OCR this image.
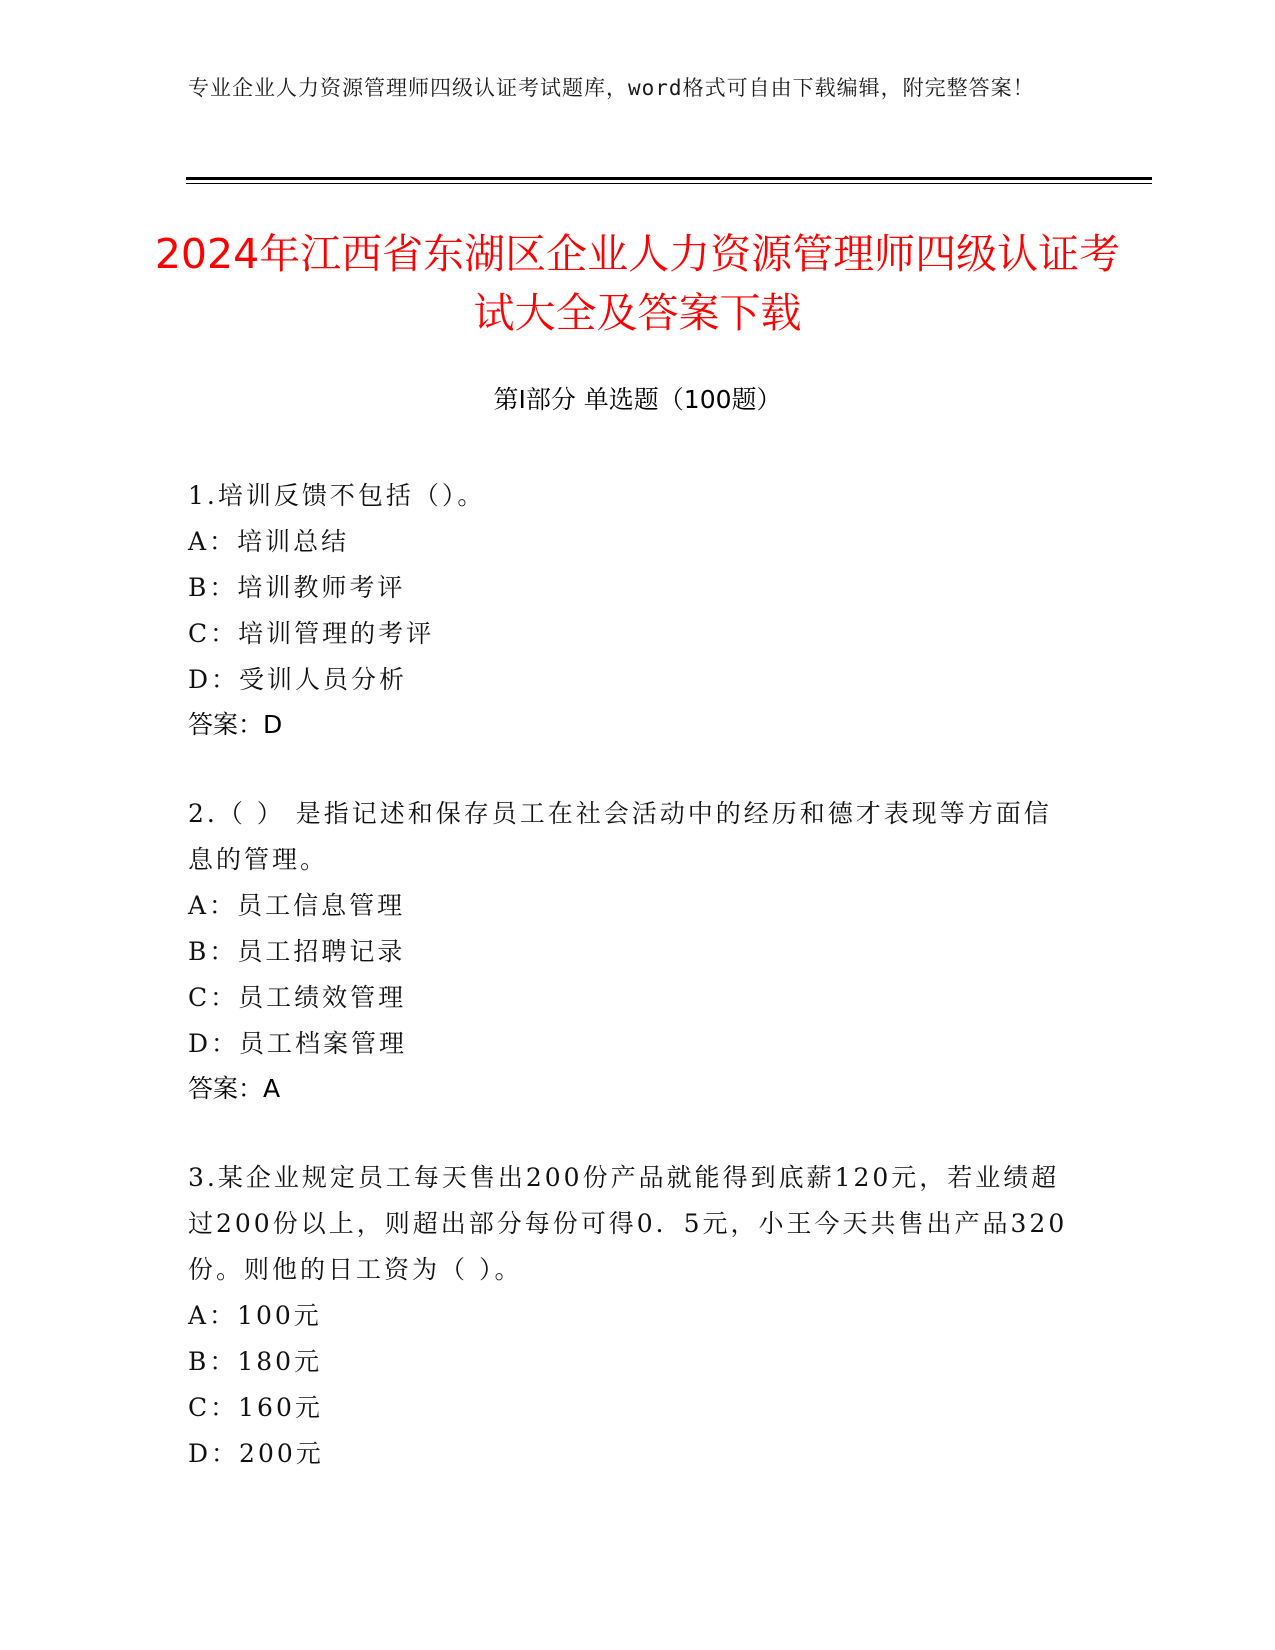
专业企业人力资源管理师四级认证考试题库，word格式可自由下载编辑，附完整答案！
2024年江西省东湖区企业人力资源管理师四级认证考试大全及答案下载
第Ⅰ部分 单选题（100题）

1.培训反馈不包括（）。

A：培训总结

B：培训教师考评

C：培训管理的考评

D：受训人员分析

答案：D

2.（ ） 是指记述和保存员工在社会活动中的经历和德才表现等方面信息的管理。

A：员工信息管理

B：员工招聘记录

C：员工绩效管理

D：员工档案管理

答案：A

3.某企业规定员工每天售出200份产品就能得到底薪120元，若业绩超过200份以上，则超出部分每份可得0．5元，小王今天共售出产品320份。则他的日工资为（ ）。

A：100元

B：180元

C：160元

D：200元
